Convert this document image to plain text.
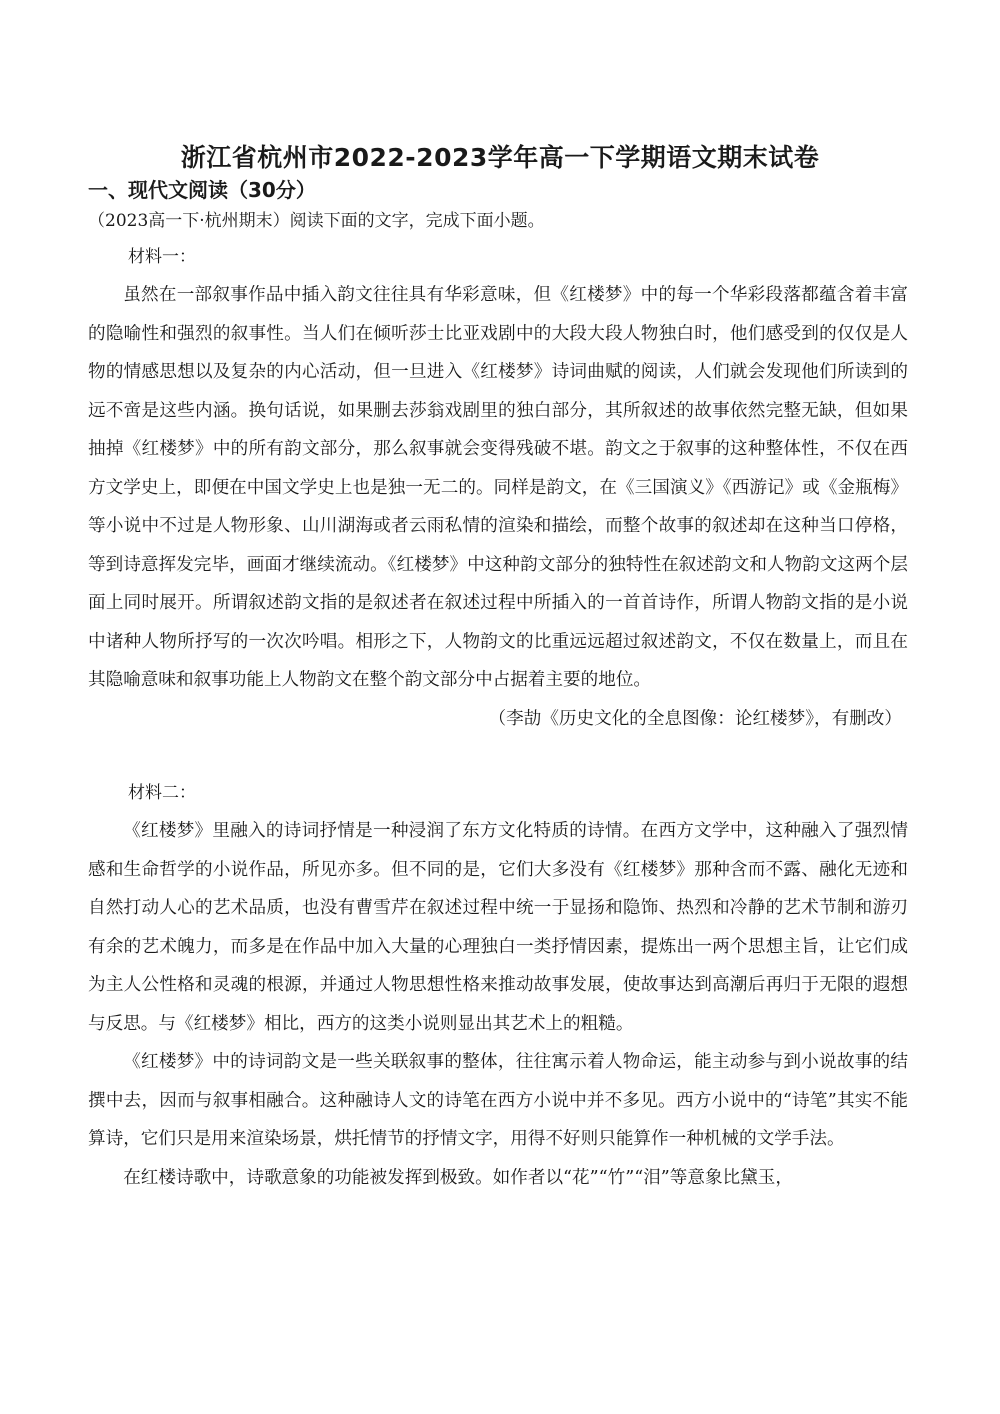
浙江省杭州市2022-2023学年高一下学期语文期末试卷
一、现代文阅读（30分）

（2023高一下·杭州期末）阅读下面的文字，完成下面小题。

材料一：

虽然在一部叙事作品中插入韵文往往具有华彩意味，但《红楼梦》中的每一个华彩段落都蕴含着丰富的隐喻性和强烈的叙事性。当人们在倾听莎士比亚戏剧中的大段大段人物独白时，他们感受到的仅仅是人物的情感思想以及复杂的内心活动，但一旦进入《红楼梦》诗词曲赋的阅读，人们就会发现他们所读到的远不啻是这些内涵。换句话说，如果删去莎翁戏剧里的独白部分，其所叙述的故事依然完整无缺，但如果抽掉《红楼梦》中的所有韵文部分，那么叙事就会变得残破不堪。韵文之于叙事的这种整体性，不仅在西方文学史上，即便在中国文学史上也是独一无二的。同样是韵文，在《三国演义》《西游记》或《金瓶梅》等小说中不过是人物形象、山川湖海或者云雨私情的渲染和描绘，而整个故事的叙述却在这种当口停格，等到诗意挥发完毕，画面才继续流动。《红楼梦》中这种韵文部分的独特性在叙述韵文和人物韵文这两个层面上同时展开。所谓叙述韵文指的是叙述者在叙述过程中所插入的一首首诗作，所谓人物韵文指的是小说中诸种人物所抒写的一次次吟唱。相形之下，人物韵文的比重远远超过叙述韵文，不仅在数量上，而且在其隐喻意味和叙事功能上人物韵文在整个韵文部分中占据着主要的地位。

（李劼《历史文化的全息图像：论红楼梦》，有删改）

材料二：

《红楼梦》里融入的诗词抒情是一种浸润了东方文化特质的诗情。在西方文学中，这种融入了强烈情感和生命哲学的小说作品，所见亦多。但不同的是，它们大多没有《红楼梦》那种含而不露、融化无迹和自然打动人心的艺术品质，也没有曹雪芹在叙述过程中统一于显扬和隐饰、热烈和冷静的艺术节制和游刃有余的艺术魄力，而多是在作品中加入大量的心理独白一类抒情因素，提炼出一两个思想主旨，让它们成为主人公性格和灵魂的根源，并通过人物思想性格来推动故事发展，使故事达到高潮后再归于无限的遐想与反思。与《红楼梦》相比，西方的这类小说则显出其艺术上的粗糙。

《红楼梦》中的诗词韵文是一些关联叙事的整体，往往寓示着人物命运，能主动参与到小说故事的结撰中去，因而与叙事相融合。这种融诗人文的诗笔在西方小说中并不多见。西方小说中的“诗笔”其实不能算诗，它们只是用来渲染场景，烘托情节的抒情文字，用得不好则只能算作一种机械的文学手法。

在红楼诗歌中，诗歌意象的功能被发挥到极致。如作者以“花”“竹”“泪”等意象比黛玉，
